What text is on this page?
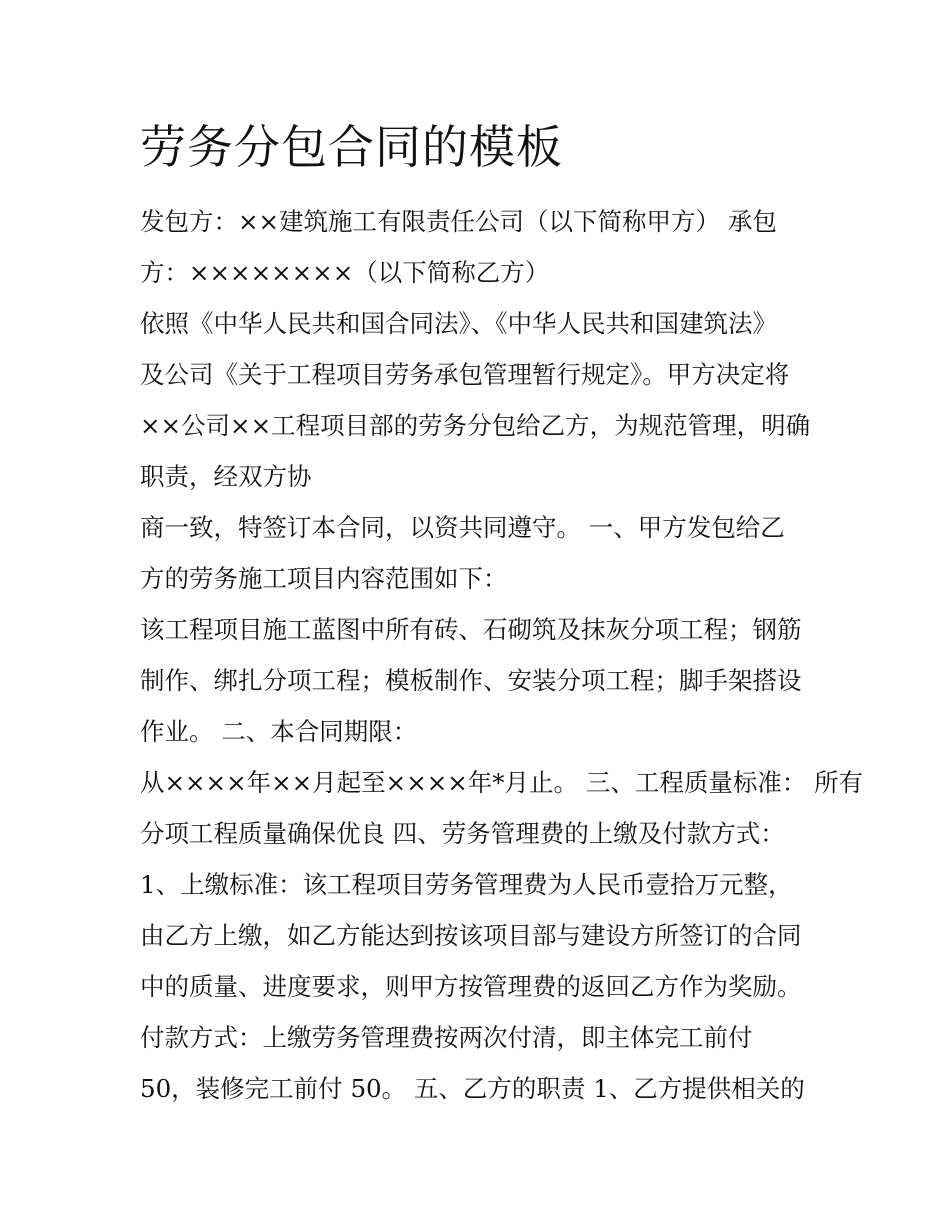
劳务分包合同的模板
发包方：××建筑施工有限责任公司（以下简称甲方） 承包
方：××××××××（以下简称乙方）
依照《中华人民共和国合同法》、《中华人民共和国建筑法》
及公司《关于工程项目劳务承包管理暂行规定》。甲方决定将
××公司××工程项目部的劳务分包给乙方，为规范管理，明确
职责，经双方协
商一致，特签订本合同，以资共同遵守。 一、甲方发包给乙
方的劳务施工项目内容范围如下：
该工程项目施工蓝图中所有砖、石砌筑及抹灰分项工程；钢筋
制作、绑扎分项工程；模板制作、安装分项工程；脚手架搭设
作业。 二、本合同期限：
从××××年××月起至××××年*月止。 三、工程质量标准： 所有
分项工程质量确保优良 四、劳务管理费的上缴及付款方式：
1、上缴标准：该工程项目劳务管理费为人民币壹拾万元整，
由乙方上缴，如乙方能达到按该项目部与建设方所签订的合同
中的质量、进度要求，则甲方按管理费的返回乙方作为奖励。
付款方式：上缴劳务管理费按两次付清，即主体完工前付
50，装修完工前付 50。 五、乙方的职责 1、乙方提供相关的
